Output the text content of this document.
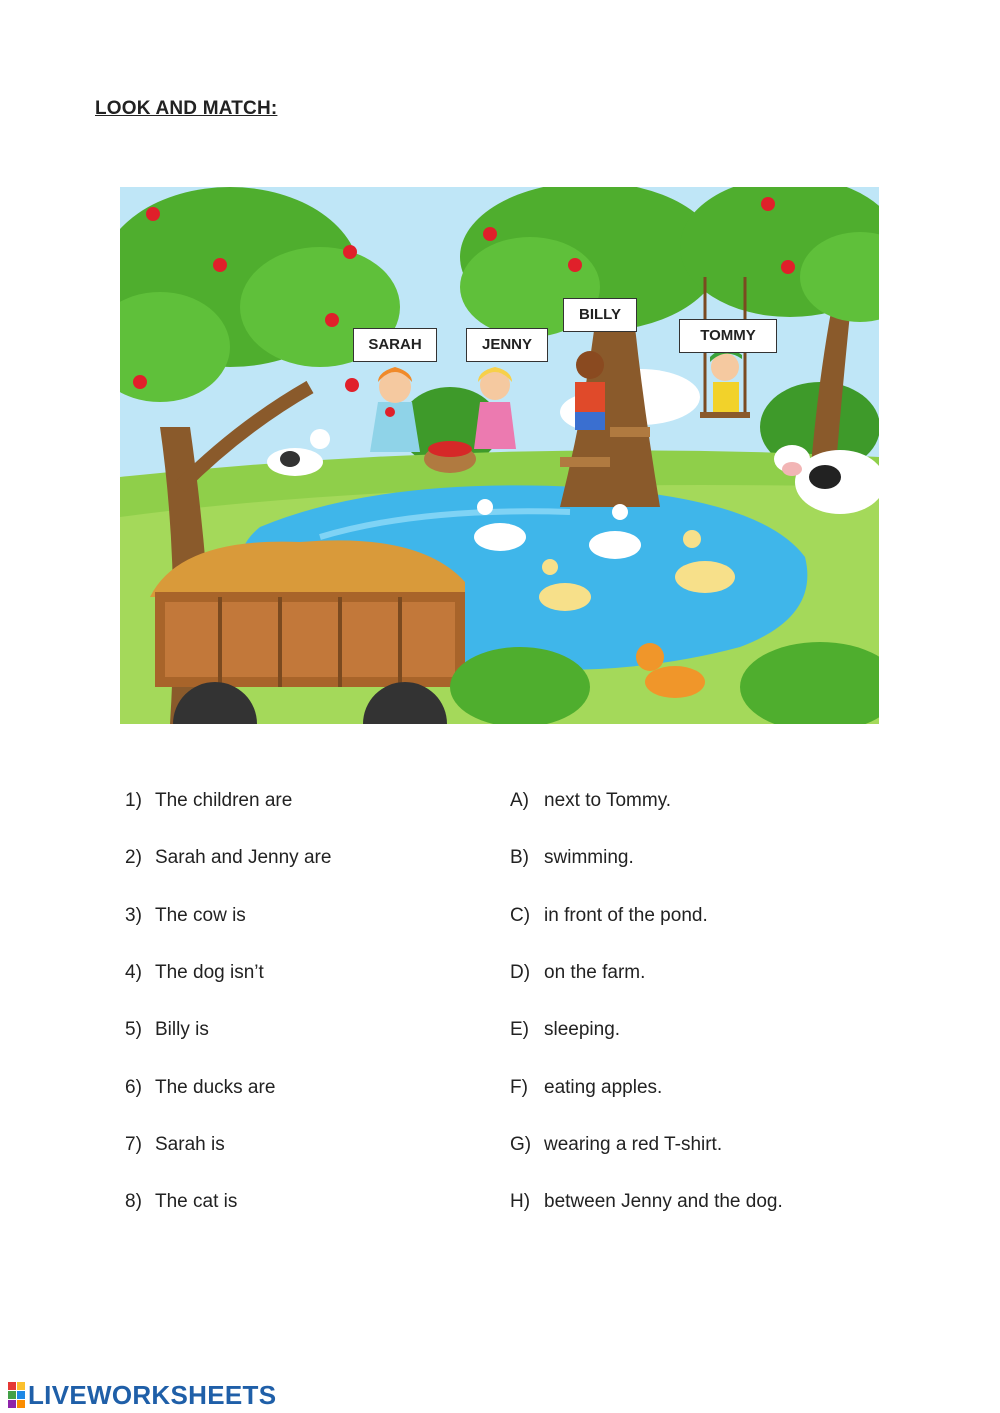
LOOK AND MATCH:
SARAH	JENNY
BILLY
TOMMY
1) The children are
2) Sarah and Jenny are
3) The cow is
4) The dog isn’t
5) Billy is
6) The ducks are
7) Sarah is
8) The cat is
A) next to Tommy.
B) swimming.
C) in front of the pond.
D) on the farm.
E) sleeping.
F) eating apples.
G) wearing a red T-shirt.
H) between Jenny and the dog.
LIVEWORKSHEETS
